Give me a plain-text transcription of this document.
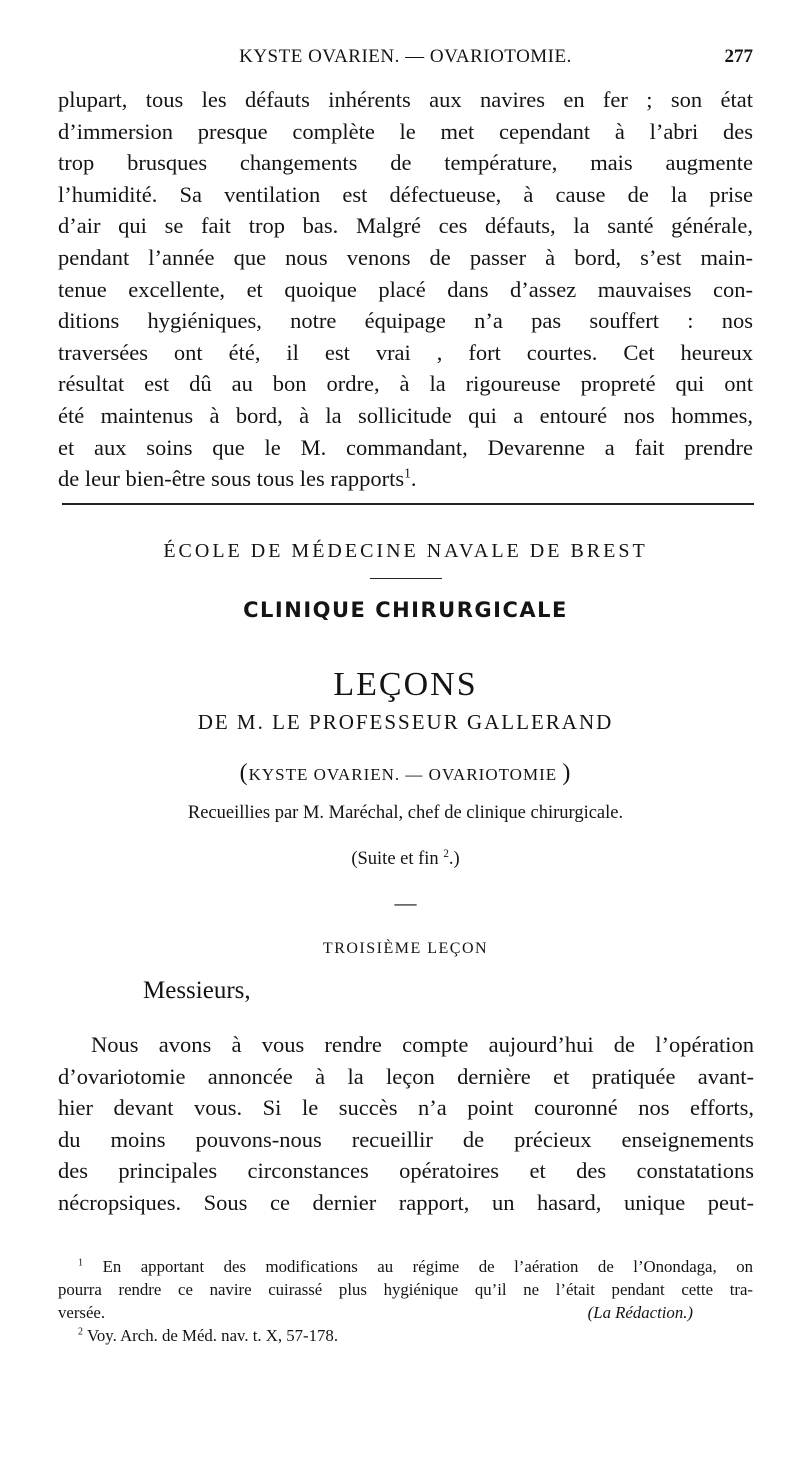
KYSTE OVARIEN. — OVARIOTOMIE.	277
plupart, tous les défauts inhérents aux navires en fer ; son état
d’immersion presque complète le met cependant à l’abri des
trop brusques changements de température, mais augmente
l’humidité. Sa ventilation est défectueuse, à cause de la prise
d’air qui se fait trop bas. Malgré ces défauts, la santé générale,
pendant l’année que nous venons de passer à bord, s’est main-
tenue excellente, et quoique placé dans d’assez mauvaises con-
ditions hygiéniques, notre équipage n’a pas souffert : nos
traversées ont été, il est vrai , fort courtes. Cet heureux
résultat est dû au bon ordre, à la rigoureuse propreté qui ont
été maintenus à bord, à la sollicitude qui a entouré nos hommes,
et aux soins que le M. commandant, Devarenne a fait prendre
de leur bien-être sous tous les rapports$^1$.
ÉCOLE DE MÉDECINE NAVALE DE BREST
CLINIQUE CHIRURGICALE
LEÇONS
DE M. LE PROFESSEUR GALLERAND
(KYSTE OVARIEN. — OVARIOTOMIE )
Recueillies par M. Maréchal, chef de clinique chirurgicale.
(Suite et fin $^2$.)
—
TROISIÈME LEÇON
Messieurs,
Nous avons à vous rendre compte aujourd’hui de l’opération
d’ovariotomie annoncée à la leçon dernière et pratiquée avant-
hier devant vous. Si le succès n’a point couronné nos efforts,
du moins pouvons-nous recueillir de précieux enseignements
des principales circonstances opératoires et des constatations
nécropsiques. Sous ce dernier rapport, un hasard, unique peut-
$^1$ En apportant des modifications au régime de l’aération de l’Onondaga, on
pourra rendre ce navire cuirassé plus hygiénique qu’il ne l’était pendant cette tra-
versée.	(La Rédaction.)
$^2$ Voy. Arch. de Méd. nav. t. X, 57-178.
